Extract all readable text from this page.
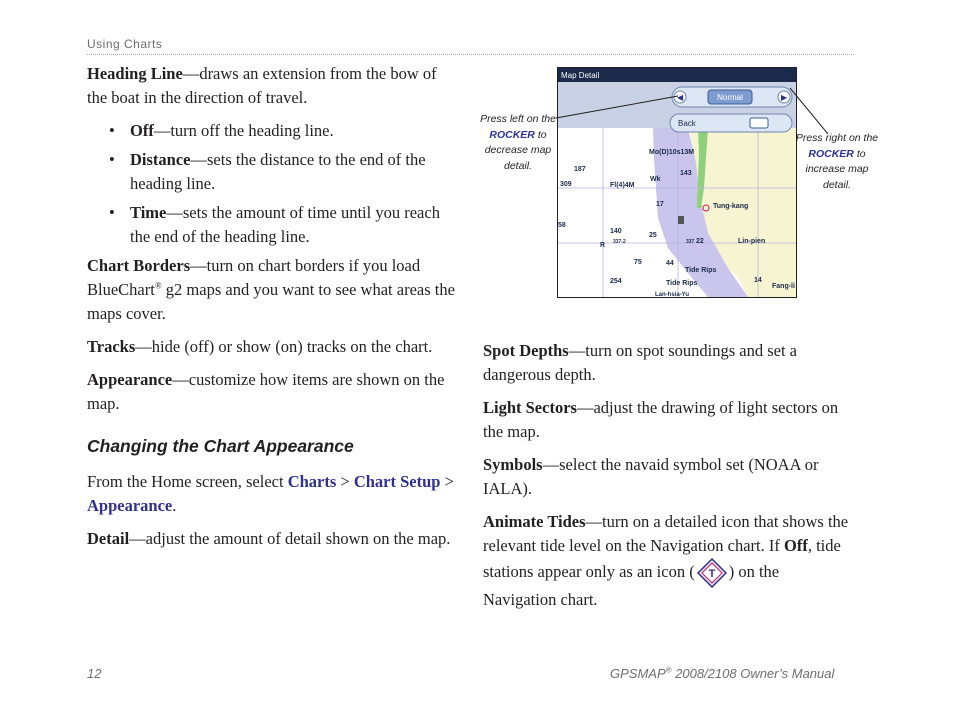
Using Charts

Heading Line—draws an extension from the bow of the boat in the direction of travel.

• Off—turn off the heading line.
• Distance—sets the distance to the end of the heading line.
• Time—sets the amount of time until you reach the end of the heading line.

Chart Borders—turn on chart borders if you load BlueChart® g2 maps and you want to see what areas the maps cover.

Tracks—hide (off) or show (on) tracks on the chart.

Appearance—customize how items are shown on the map.

Changing the Chart Appearance

From the Home screen, select Charts > Chart Setup > Appearance.

Detail—adjust the amount of detail shown on the map.

Press left on the ROCKER to decrease map detail.
Press right on the ROCKER to increase map detail.
Map Detail
◀	▶
Normal
Back
Mo(D)10s13M
187
309
143
Fl(4)4M
Wk
17	Tung-kang
140
25
22	Lin-pien
R 337-2
75	44
Tide Rips
254	Tide Rips	14
Fang-li
58
Lan-hsia-Yu
337

Spot Depths—turn on spot soundings and set a dangerous depth.

Light Sectors—adjust the drawing of light sectors on the map.

Symbols—select the navaid symbol set (NOAA or IALA).

Animate Tides—turn on a detailed icon that shows the relevant tide level on the Navigation chart. If Off, tide stations appear only as an icon ( T ) on the Navigation chart.

12	GPSMAP® 2008/2108 Owner’s Manual
